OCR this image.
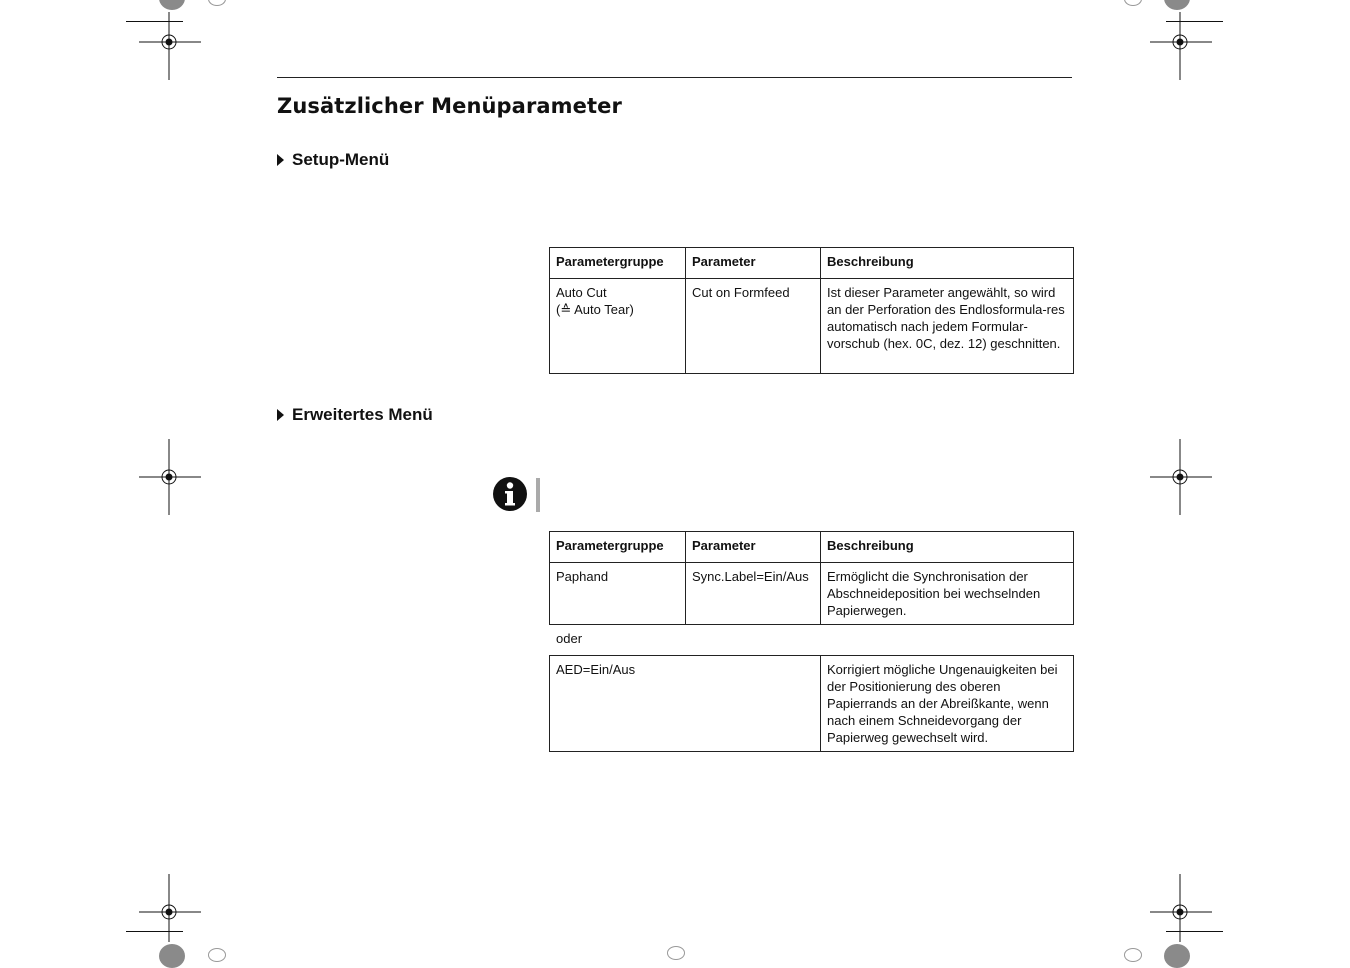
Zusätzlicher Menüparameter
Setup-Menü
Parametergruppe	Parameter	Beschreibung

Auto Cut
(≙ Auto Tear)	Cut on Formfeed	Ist dieser Parameter angewählt, so wird an der Perforation des Endlosformula-res automatisch nach jedem Formular-vorschub (hex. 0C, dez. 12) geschnitten.
Erweitertes Menü
Parametergruppe	Parameter	Beschreibung
Paphand	Sync.Label=Ein/Aus	Ermöglicht die Synchronisation der Abschneideposition bei wechselnden Papierwegen.
oder
AED=Ein/Aus	Korrigiert mögliche Ungenauigkeiten bei der Positionierung des oberen Papierrands an der Abreißkante, wenn nach einem Schneidevorgang der Papierweg gewechselt wird.
